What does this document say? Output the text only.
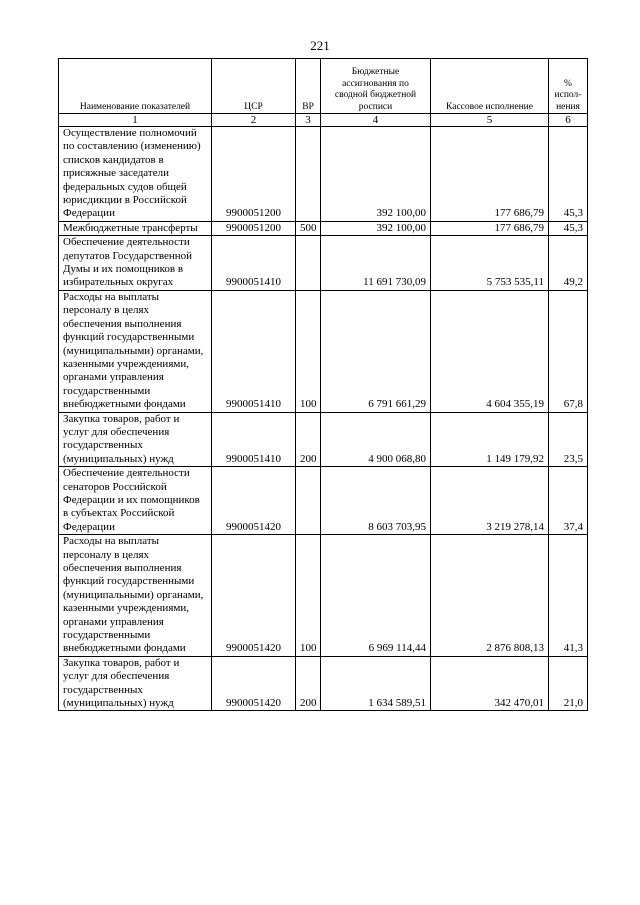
221
Наименование показателей	ЦСР	ВР	Бюджетные ассигнования по сводной бюджетной росписи	Кассовое исполнение	% испол-нения
1	2	3	4	5	6
Осуществление полномочий по составлению (изменению) списков кандидатов в присяжные заседатели федеральных судов общей юрисдикции в Российской Федерации	9900051200		392 100,00	177 686,79	45,3
Межбюджетные трансферты	9900051200	500	392 100,00	177 686,79	45,3
Обеспечение деятельности депутатов Государственной Думы и их помощников в избирательных округах	9900051410		11 691 730,09	5 753 535,11	49,2
Расходы на выплаты персоналу в целях обеспечения выполнения функций государственными (муниципальными) органами, казенными учреждениями, органами управления государственными внебюджетными фондами	9900051410	100	6 791 661,29	4 604 355,19	67,8
Закупка товаров, работ и услуг для обеспечения государственных (муниципальных) нужд	9900051410	200	4 900 068,80	1 149 179,92	23,5
Обеспечение деятельности сенаторов Российской Федерации и их помощников в субъектах Российской Федерации	9900051420		8 603 703,95	3 219 278,14	37,4
Расходы на выплаты персоналу в целях обеспечения выполнения функций государственными (муниципальными) органами, казенными учреждениями, органами управления государственными внебюджетными фондами	9900051420	100	6 969 114,44	2 876 808,13	41,3
Закупка товаров, работ и услуг для обеспечения государственных (муниципальных) нужд	9900051420	200	1 634 589,51	342 470,01	21,0
